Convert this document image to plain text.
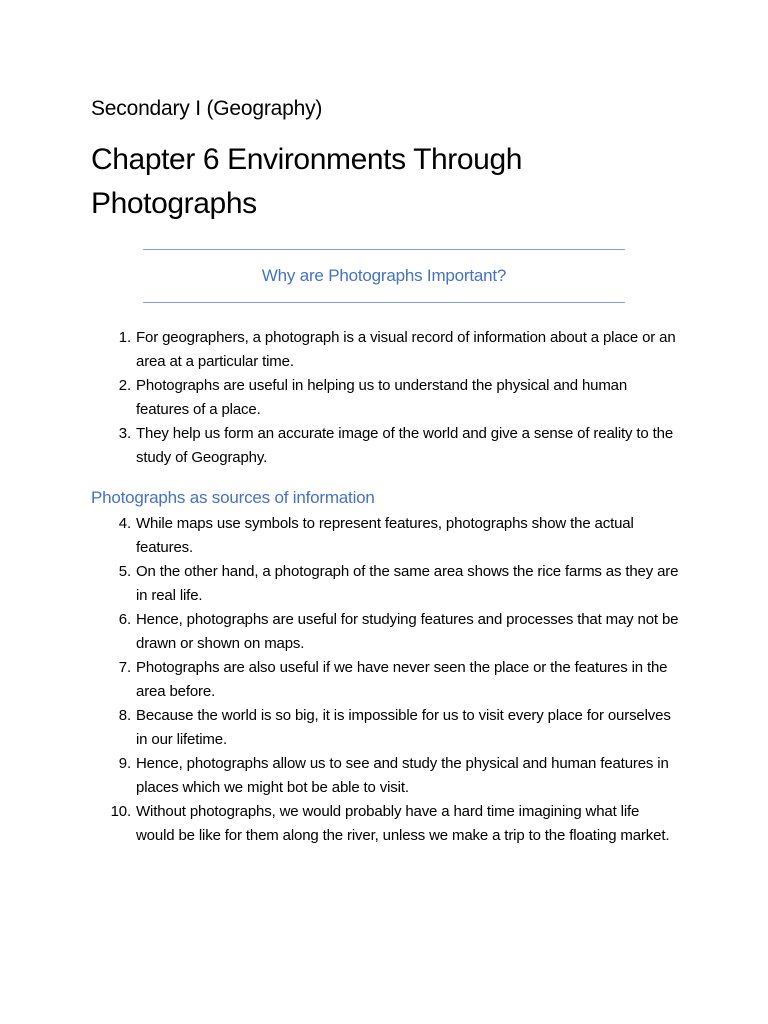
Secondary I (Geography)
Chapter 6 Environments Through Photographs
Why are Photographs Important?
1. For geographers, a photograph is a visual record of information about a place or an area at a particular time.
2. Photographs are useful in helping us to understand the physical and human features of a place.
3. They help us form an accurate image of the world and give a sense of reality to the study of Geography.
Photographs as sources of information
4. While maps use symbols to represent features, photographs show the actual features.
5. On the other hand, a photograph of the same area shows the rice farms as they are in real life.
6. Hence, photographs are useful for studying features and processes that may not be drawn or shown on maps.
7. Photographs are also useful if we have never seen the place or the features in the area before.
8. Because the world is so big, it is impossible for us to visit every place for ourselves in our lifetime.
9. Hence, photographs allow us to see and study the physical and human features in places which we might bot be able to visit.
10. Without photographs, we would probably have a hard time imagining what life would be like for them along the river, unless we make a trip to the floating market.
